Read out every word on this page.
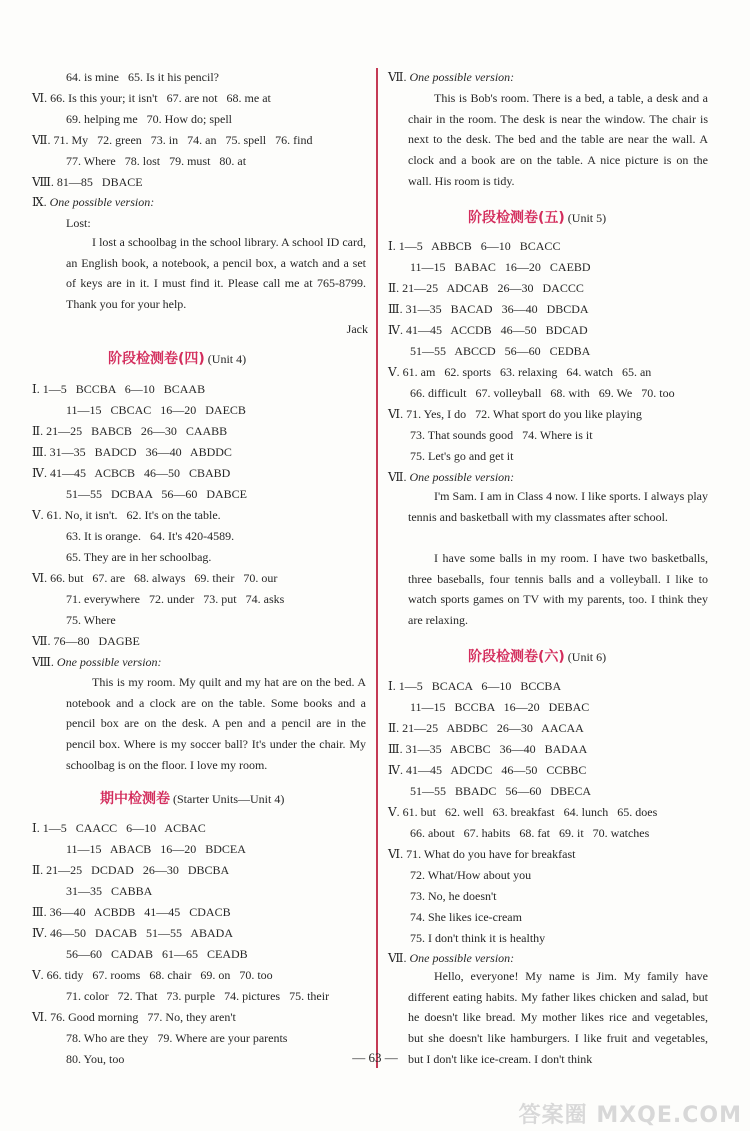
64. is mine   65. Is it his pencil?
Ⅵ. 66. Is this your; it isn't   67. are not   68. me at
69. helping me   70. How do; spell
Ⅶ. 71. My   72. green   73. in   74. an   75. spell   76. find
77. Where   78. lost   79. must   80. at
Ⅷ. 81—85   DBACE
Ⅸ. One possible version:
Lost:
I lost a schoolbag in the school library. A school ID card, an English book, a notebook, a pencil box, a watch and a set of keys are in it. I must find it. Please call me at 765-8799. Thank you for your help.
Jack
阶段检测卷(四) (Unit 4)
Ⅰ. 1—5   BCCBA   6—10   BCAAB
11—15   CBCAC   16—20   DAECB
Ⅱ. 21—25   BABCB   26—30   CAABB
Ⅲ. 31—35   BADCD   36—40   ABDDC
Ⅳ. 41—45   ACBCB   46—50   CBABD
51—55   DCBAA   56—60   DABCE
Ⅴ. 61. No, it isn't.   62. It's on the table.
63. It is orange.   64. It's 420-4589.
65. They are in her schoolbag.
Ⅵ. 66. but   67. are   68. always   69. their   70. our
71. everywhere   72. under   73. put   74. asks
75. Where
Ⅶ. 76—80   DAGBE
Ⅷ. One possible version:
This is my room. My quilt and my hat are on the bed. A notebook and a clock are on the table. Some books and a pencil box are on the desk. A pen and a pencil are in the pencil box. Where is my soccer ball? It's under the chair. My schoolbag is on the floor. I love my room.
期中检测卷 (Starter Units—Unit 4)
Ⅰ. 1—5   CAACC   6—10   ACBAC
11—15   ABACB   16—20   BDCEA
Ⅱ. 21—25   DCDAD   26—30   DBCBA
31—35   CABBA
Ⅲ. 36—40   ACBDB   41—45   CDACB
Ⅳ. 46—50   DACAB   51—55   ABADA
56—60   CADAB   61—65   CEADB
Ⅴ. 66. tidy   67. rooms   68. chair   69. on   70. too
71. color   72. That   73. purple   74. pictures   75. their
Ⅵ. 76. Good morning   77. No, they aren't
78. Who are they   79. Where are your parents
80. You, too
Ⅶ. One possible version:
This is Bob's room. There is a bed, a table, a desk and a chair in the room. The desk is near the window. The chair is next to the desk. The bed and the table are near the wall. A clock and a book are on the table. A nice picture is on the wall. His room is tidy.
阶段检测卷(五) (Unit 5)
Ⅰ. 1—5   ABBCB   6—10   BCACC
11—15   BABAC   16—20   CAEBD
Ⅱ. 21—25   ADCAB   26—30   DACCC
Ⅲ. 31—35   BACAD   36—40   DBCDA
Ⅳ. 41—45   ACCDB   46—50   BDCAD
51—55   ABCCD   56—60   CEDBA
Ⅴ. 61. am   62. sports   63. relaxing   64. watch   65. an
66. difficult   67. volleyball   68. with   69. We   70. too
Ⅵ. 71. Yes, I do   72. What sport do you like playing
73. That sounds good   74. Where is it
75. Let's go and get it
Ⅶ. One possible version:
I'm Sam. I am in Class 4 now. I like sports. I always play tennis and basketball with my classmates after school.
I have some balls in my room. I have two basketballs, three baseballs, four tennis balls and a volleyball. I like to watch sports games on TV with my parents, too. I think they are relaxing.
阶段检测卷(六) (Unit 6)
Ⅰ. 1—5   BCACA   6—10   BCCBA
11—15   BCCBA   16—20   DEBAC
Ⅱ. 21—25   ABDBC   26—30   AACAA
Ⅲ. 31—35   ABCBC   36—40   BADAA
Ⅳ. 41—45   ADCDC   46—50   CCBBC
51—55   BBADC   56—60   DBECA
Ⅴ. 61. but   62. well   63. breakfast   64. lunch   65. does
66. about   67. habits   68. fat   69. it   70. watches
Ⅵ. 71. What do you have for breakfast
72. What/How about you
73. No, he doesn't
74. She likes ice-cream
75. I don't think it is healthy
Ⅶ. One possible version:
Hello, everyone! My name is Jim. My family have different eating habits. My father likes chicken and salad, but he doesn't like bread. My mother likes rice and vegetables, but she doesn't like hamburgers. I like fruit and vegetables, but I don't like ice-cream. I don't think
— 63 —
答案圈 MXQE.COM
